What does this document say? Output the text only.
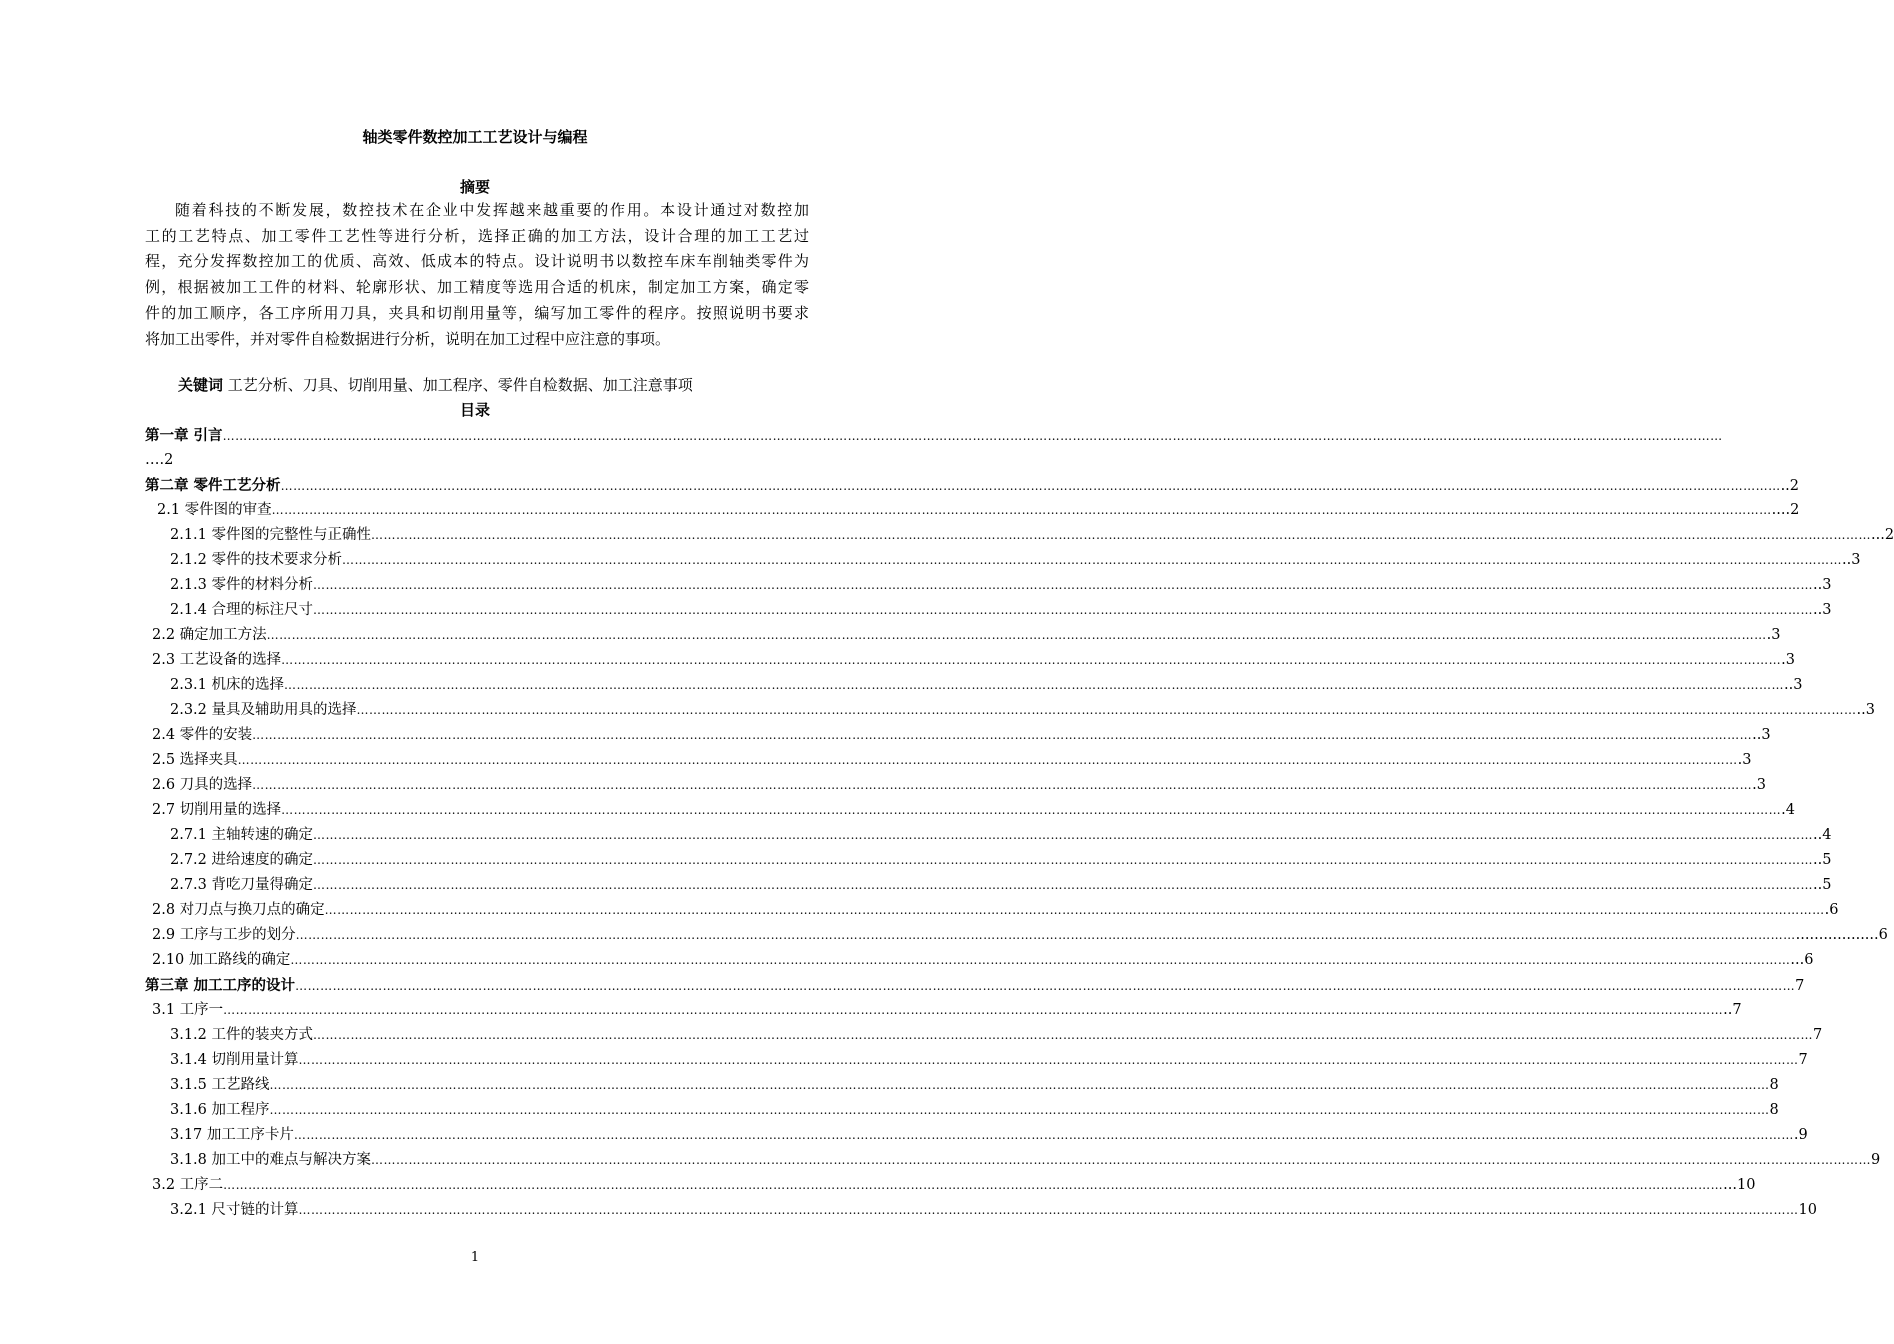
轴类零件数控加工工艺设计与编程
摘要
随着科技的不断发展，数控技术在企业中发挥越来越重要的作用。本设计通过对数控加
工的工艺特点、加工零件工艺性等进行分析，选择正确的加工方法，设计合理的加工工艺过
程，充分发挥数控加工的优质、高效、低成本的特点。设计说明书以数控车床车削轴类零件为
例，根据被加工工件的材料、轮廓形状、加工精度等选用合适的机床，制定加工方案，确定零
件的加工顺序，各工序所用刀具，夹具和切削用量等，编写加工零件的程序。按照说明书要求
将加工出零件，并对零件自检数据进行分析，说明在加工过程中应注意的事项。
关键词 工艺分析、刀具、切削用量、加工程序、零件自检数据、加工注意事项
目录
第一章 引言 ………………………………………………………………………………………………………………………………………………………………………………………………………………………………………………………………………………………………………………………………
….2
第二章 零件工艺分析 ……………………………………………………………………………………………………………………………………………………………………………………………………………………………………………………………………………………………………………………………… ..2
2.1 零件图的审查 ……………………………………………………………………………………………………………………………………………………………………………………………………………………………………………………………………………………………………………………………… ....2
2.1.1 零件图的完整性与正确性 ……………………………………………………………………………………………………………………………………………………………………………………………………………………………………………………………………………………………………………………………… ...2
2.1.2 零件的技术要求分析 ……………………………………………………………………………………………………………………………………………………………………………………………………………………………………………………………………………………………………………………………… ..3
2.1.3 零件的材料分析 ……………………………………………………………………………………………………………………………………………………………………………………………………………………………………………………………………………………………………………………………… ..3
2.1.4 合理的标注尺寸 ……………………………………………………………………………………………………………………………………………………………………………………………………………………………………………………………………………………………………………………………… ..3
2.2 确定加工方法 ……………………………………………………………………………………………………………………………………………………………………………………………………………………………………………………………………………………………………………………………… .3
2.3 工艺设备的选择 ……………………………………………………………………………………………………………………………………………………………………………………………………………………………………………………………………………………………………………………………… .3
2.3.1 机床的选择 ……………………………………………………………………………………………………………………………………………………………………………………………………………………………………………………………………………………………………………………………… ..3
2.3.2 量具及辅助用具的选择 ……………………………………………………………………………………………………………………………………………………………………………………………………………………………………………………………………………………………………………………………… ..3
2.4 零件的安装 ……………………………………………………………………………………………………………………………………………………………………………………………………………………………………………………………………………………………………………………………… ..3
2.5 选择夹具 ……………………………………………………………………………………………………………………………………………………………………………………………………………………………………………………………………………………………………………………………… .3
2.6 刀具的选择 ……………………………………………………………………………………………………………………………………………………………………………………………………………………………………………………………………………………………………………………………… .3
2.7 切削用量的选择 ……………………………………………………………………………………………………………………………………………………………………………………………………………………………………………………………………………………………………………………………… .4
2.7.1 主轴转速的确定 ……………………………………………………………………………………………………………………………………………………………………………………………………………………………………………………………………………………………………………………………… ..4
2.7.2 进给速度的确定 ……………………………………………………………………………………………………………………………………………………………………………………………………………………………………………………………………………………………………………………………… ..5
2.7.3 背吃刀量得确定 ……………………………………………………………………………………………………………………………………………………………………………………………………………………………………………………………………………………………………………………………… ..5
2.8 对刀点与换刀点的确定 ……………………………………………………………………………………………………………………………………………………………………………………………………………………………………………………………………………………………………………………………… .6
2.9 工序与工步的划分 ……………………………………………………………………………………………………………………………………………………………………………………………………………………………………………………………………………………………………………………………… ..................6
2.10 加工路线的确定 ……………………………………………………………………………………………………………………………………………………………………………………………………………………………………………………………………………………………………………………………… ...6
第三章 加工工序的设计 ……………………………………………………………………………………………………………………………………………………………………………………………………………………………………………………………………………………………………………………………… 7
3.1 工序一 ……………………………………………………………………………………………………………………………………………………………………………………………………………………………………………………………………………………………………………………………… ..7
3.1.2 工件的装夹方式 ……………………………………………………………………………………………………………………………………………………………………………………………………………………………………………………………………………………………………………………………… 7
3.1.4 切削用量计算 ……………………………………………………………………………………………………………………………………………………………………………………………………………………………………………………………………………………………………………………………… 7
3.1.5 工艺路线 ……………………………………………………………………………………………………………………………………………………………………………………………………………………………………………………………………………………………………………………………… 8
3.1.6 加工程序 ……………………………………………………………………………………………………………………………………………………………………………………………………………………………………………………………………………………………………………………………… 8
3.17 加工工序卡片 ……………………………………………………………………………………………………………………………………………………………………………………………………………………………………………………………………………………………………………………………… .9
3.1.8 加工中的难点与解决方案 ……………………………………………………………………………………………………………………………………………………………………………………………………………………………………………………………………………………………………………………………… 9
3.2 工序二 ……………………………………………………………………………………………………………………………………………………………………………………………………………………………………………………………………………………………………………………………… ...10
3.2.1 尺寸链的计算 ……………………………………………………………………………………………………………………………………………………………………………………………………………………………………………………………………………………………………………………………… 10
1
